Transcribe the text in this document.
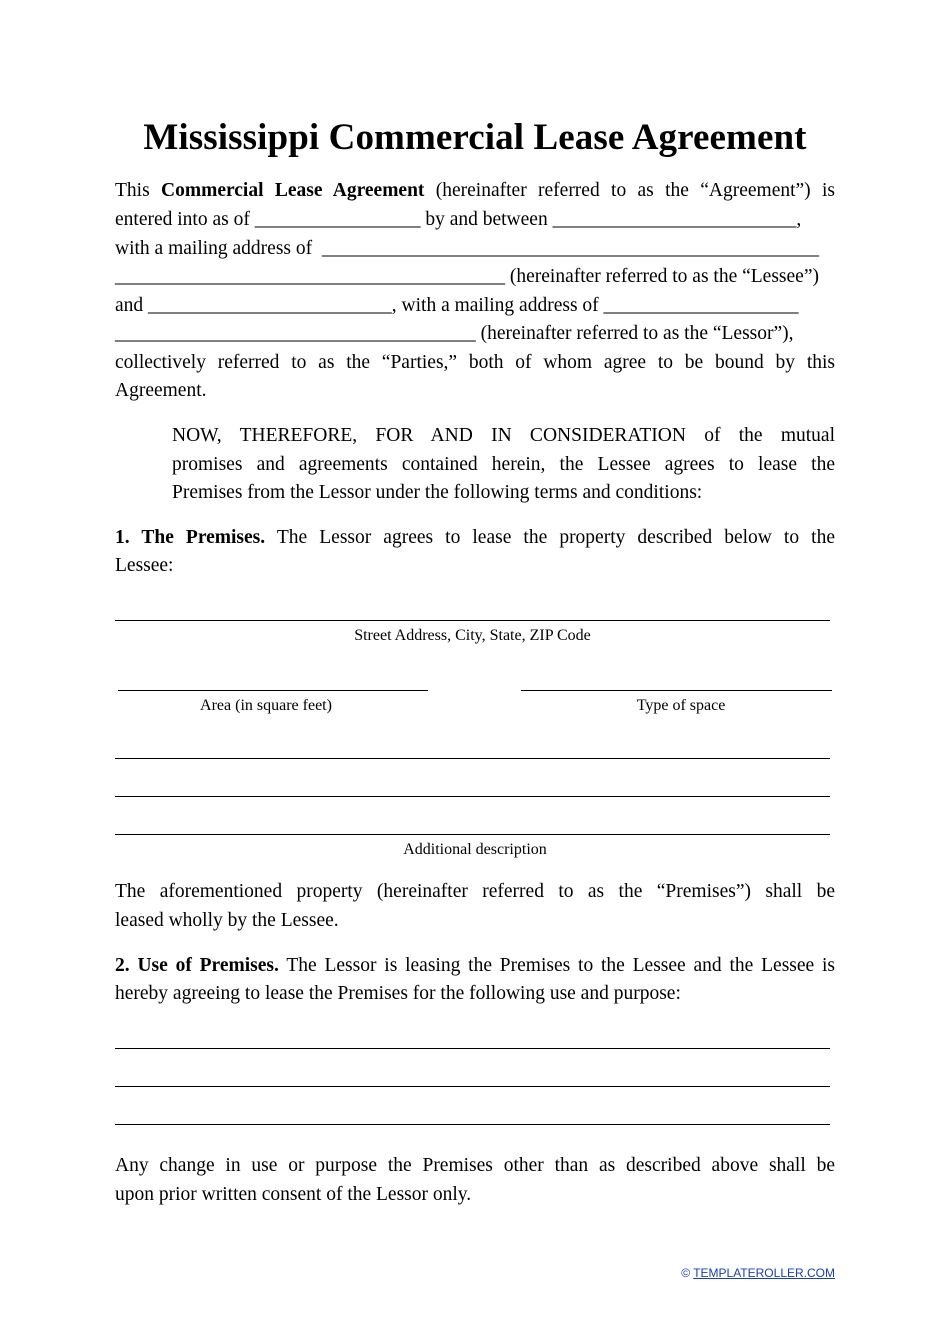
Mississippi Commercial Lease Agreement
This Commercial Lease Agreement (hereinafter referred to as the “Agreement”) is
entered into as of _________________ by and between _________________________,
with a mailing address of  ___________________________________________________
________________________________________ (hereinafter referred to as the “Lessee”)
and _________________________, with a mailing address of ____________________
_____________________________________ (hereinafter referred to as the “Lessor”),
collectively referred to as the “Parties,” both of whom agree to be bound by this
Agreement.
NOW, THEREFORE, FOR AND IN CONSIDERATION of the mutual
promises and agreements contained herein, the Lessee agrees to lease the
Premises from the Lessor under the following terms and conditions:
1. The Premises. The Lessor agrees to lease the property described below to the
Lessee:
Street Address, City, State, ZIP Code
Area (in square feet)	Type of space
Additional description
The aforementioned property (hereinafter referred to as the “Premises”) shall be
leased wholly by the Lessee.
2. Use of Premises. The Lessor is leasing the Premises to the Lessee and the Lessee is
hereby agreeing to lease the Premises for the following use and purpose:
Any change in use or purpose the Premises other than as described above shall be
upon prior written consent of the Lessor only.
© TEMPLATEROLLER.COM
